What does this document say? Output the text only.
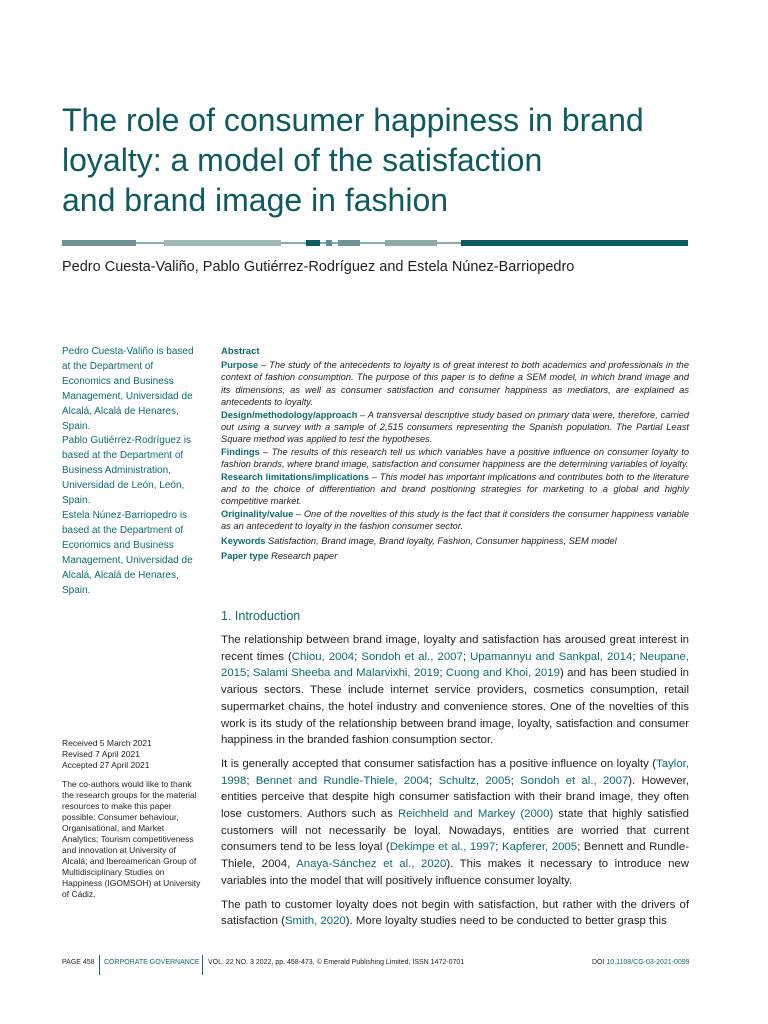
The role of consumer happiness in brand
loyalty: a model of the satisfaction
and brand image in fashion
Pedro Cuesta-Valiño, Pablo Gutiérrez-Rodríguez and Estela Núnez-Barriopedro

Pedro Cuesta-Valiño is based at the Department of Economics and Business Management, Universidad de Alcalá, Alcalá de Henares, Spain.

Pablo Gutiérrez-Rodríguez is based at the Department of Business Administration, Universidad de León, León, Spain.

Estela Núnez-Barriopedro is based at the Department of Economics and Business Management, Universidad de Alcalá, Alcalá de Henares, Spain.

Received 5 March 2021

Revised 7 April 2021

Accepted 27 April 2021

The co-authors would like to thank the research groups for the material resources to make this paper possible: Consumer behaviour, Organisational, and Market Analytics; Tourism competitiveness and innovation at University of Alcalá; and Iberoamerican Group of Multidisciplinary Studies on Happiness (IGOMSOH) at University of Cádiz.
Abstract

Purpose – The study of the antecedents to loyalty is of great interest to both academics and professionals in the context of fashion consumption. The purpose of this paper is to define a SEM model, in which brand image and its dimensions, as well as consumer satisfaction and consumer happiness as mediators, are explained as antecedents to loyalty.

Design/methodology/approach – A transversal descriptive study based on primary data were, therefore, carried out using a survey with a sample of 2,515 consumers representing the Spanish population. The Partial Least Square method was applied to test the hypotheses.

Findings – The results of this research tell us which variables have a positive influence on consumer loyalty to fashion brands, where brand image, satisfaction and consumer happiness are the determining variables of loyalty.

Research limitations/implications – This model has important implications and contributes both to the literature and to the choice of differentiation and brand positioning strategies for marketing to a global and highly competitive market.

Originality/value – One of the novelties of this study is the fact that it considers the consumer happiness variable as an antecedent to loyalty in the fashion consumer sector.

Keywords Satisfaction, Brand image, Brand loyalty, Fashion, Consumer happiness, SEM model

Paper type Research paper

1. Introduction

The relationship between brand image, loyalty and satisfaction has aroused great interest in recent times (Chiou, 2004; Sondoh et al., 2007; Upamannyu and Sankpal, 2014; Neupane, 2015; Salami Sheeba and Malarvixhi, 2019; Cuong and Khoi, 2019) and has been studied in various sectors. These include internet service providers, cosmetics consumption, retail supermarket chains, the hotel industry and convenience stores. One of the novelties of this work is its study of the relationship between brand image, loyalty, satisfaction and consumer happiness in the branded fashion consumption sector.

It is generally accepted that consumer satisfaction has a positive influence on loyalty (Taylor, 1998; Bennet and Rundle-Thiele, 2004; Schultz, 2005; Sondoh et al., 2007). However, entities perceive that despite high consumer satisfaction with their brand image, they often lose customers. Authors such as Reichheld and Markey (2000) state that highly satisfied customers will not necessarily be loyal. Nowadays, entities are worried that current consumers tend to be less loyal (Dekimpe et al., 1997; Kapferer, 2005; Bennett and Rundle-Thiele, 2004, Anaya-Sánchez et al., 2020). This makes it necessary to introduce new variables into the model that will positively influence consumer loyalty.

The path to customer loyalty does not begin with satisfaction, but rather with the drivers of satisfaction (Smith, 2020). More loyalty studies need to be conducted to better grasp this

PAGE 458 CORPORATE GOVERNANCE VOL. 22 NO. 3 2022, pp. 458-473, © Emerald Publishing Limited, ISSN 1472-0701	DOI 10.1108/CG-03-2021-0099
